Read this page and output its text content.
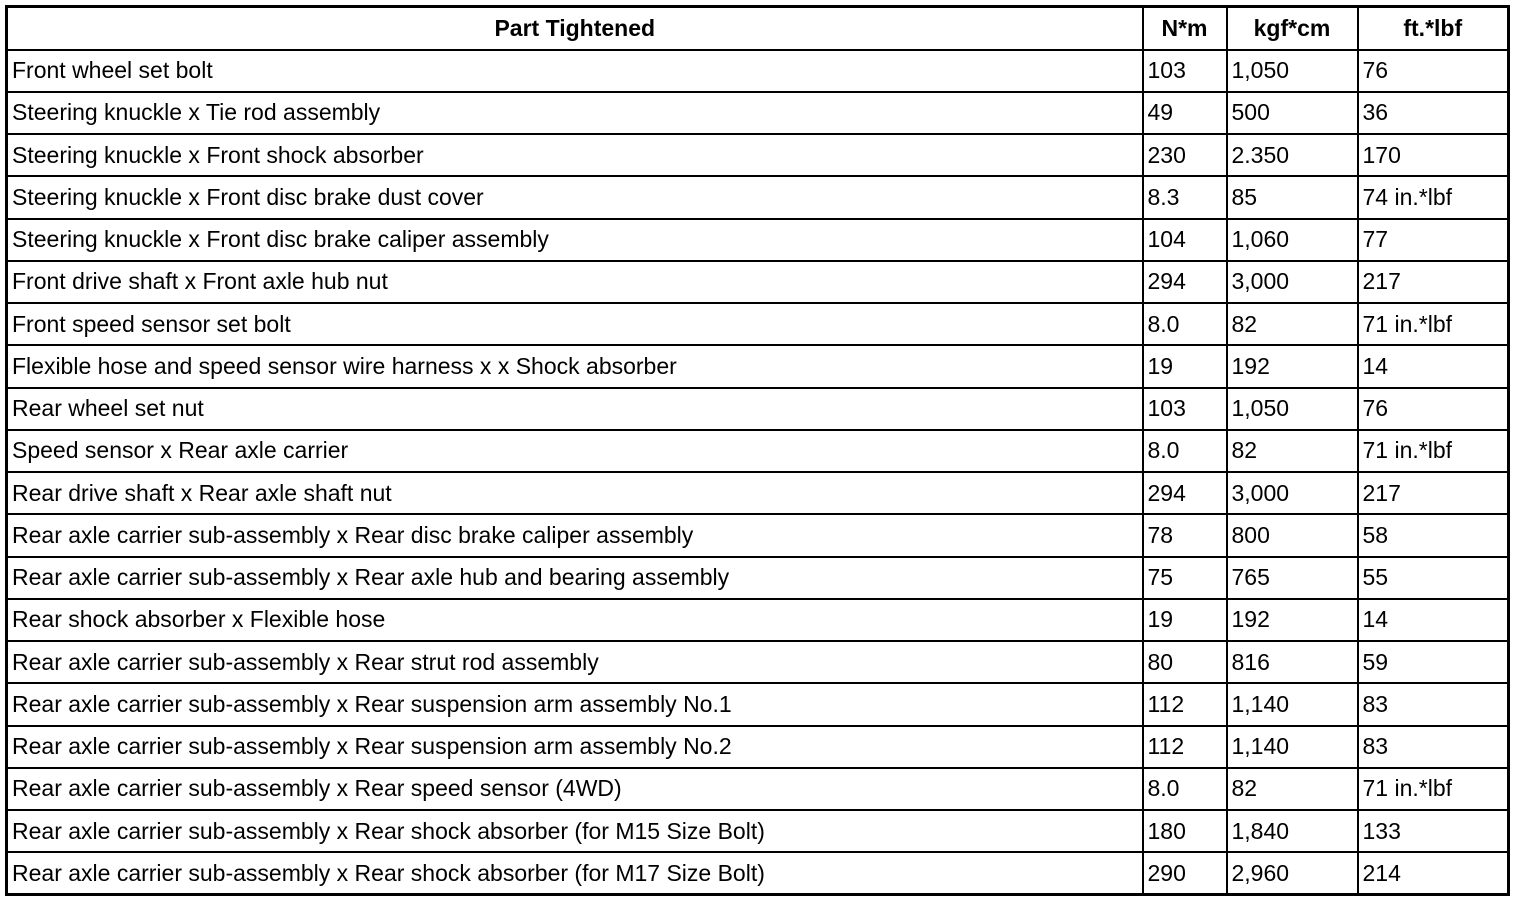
Part Tightened	N*m	kgf*cm	ft.*lbf
Front wheel set bolt	103	1,050	76
Steering knuckle x Tie rod assembly	49	500	36
Steering knuckle x Front shock absorber	230	2.350	170
Steering knuckle x Front disc brake dust cover	8.3	85	74 in.*lbf
Steering knuckle x Front disc brake caliper assembly	104	1,060	77
Front drive shaft x Front axle hub nut	294	3,000	217
Front speed sensor set bolt	8.0	82	71 in.*lbf
Flexible hose and speed sensor wire harness x x Shock absorber	19	192	14
Rear wheel set nut	103	1,050	76
Speed sensor x Rear axle carrier	8.0	82	71 in.*lbf
Rear drive shaft x Rear axle shaft nut	294	3,000	217
Rear axle carrier sub-assembly x Rear disc brake caliper assembly	78	800	58
Rear axle carrier sub-assembly x Rear axle hub and bearing assembly	75	765	55
Rear shock absorber x Flexible hose	19	192	14
Rear axle carrier sub-assembly x Rear strut rod assembly	80	816	59
Rear axle carrier sub-assembly x Rear suspension arm assembly No.1	112	1,140	83
Rear axle carrier sub-assembly x Rear suspension arm assembly No.2	112	1,140	83
Rear axle carrier sub-assembly x Rear speed sensor (4WD)	8.0	82	71 in.*lbf
Rear axle carrier sub-assembly x Rear shock absorber (for M15 Size Bolt)	180	1,840	133
Rear axle carrier sub-assembly x Rear shock absorber (for M17 Size Bolt)	290	2,960	214
